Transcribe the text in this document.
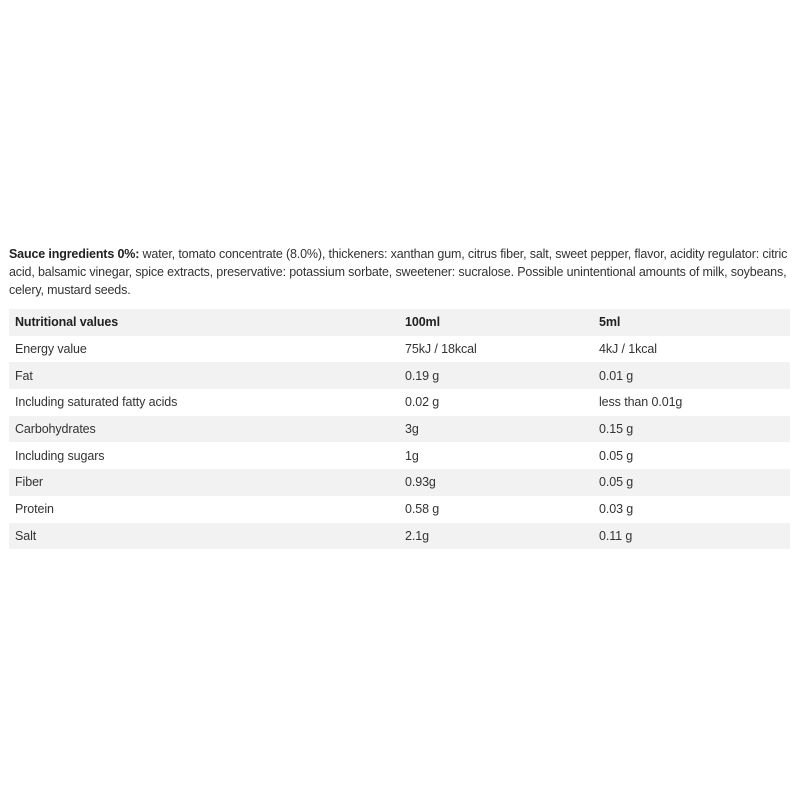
Sauce ingredients 0%: water, tomato concentrate (8.0%), thickeners: xanthan gum, citrus fiber, salt, sweet pepper, flavor, acidity regulator: citric acid, balsamic vinegar, spice extracts, preservative: potassium sorbate, sweetener: sucralose. Possible unintentional amounts of milk, soybeans, celery, mustard seeds.

Nutritional values	100ml	5ml
Energy value	75kJ / 18kcal	4kJ / 1kcal
Fat	0.19 g	0.01 g
Including saturated fatty acids	0.02 g	less than 0.01g
Carbohydrates	3g	0.15 g
Including sugars	1g	0.05 g
Fiber	0.93g	0.05 g
Protein	0.58 g	0.03 g
Salt	2.1g	0.11 g
